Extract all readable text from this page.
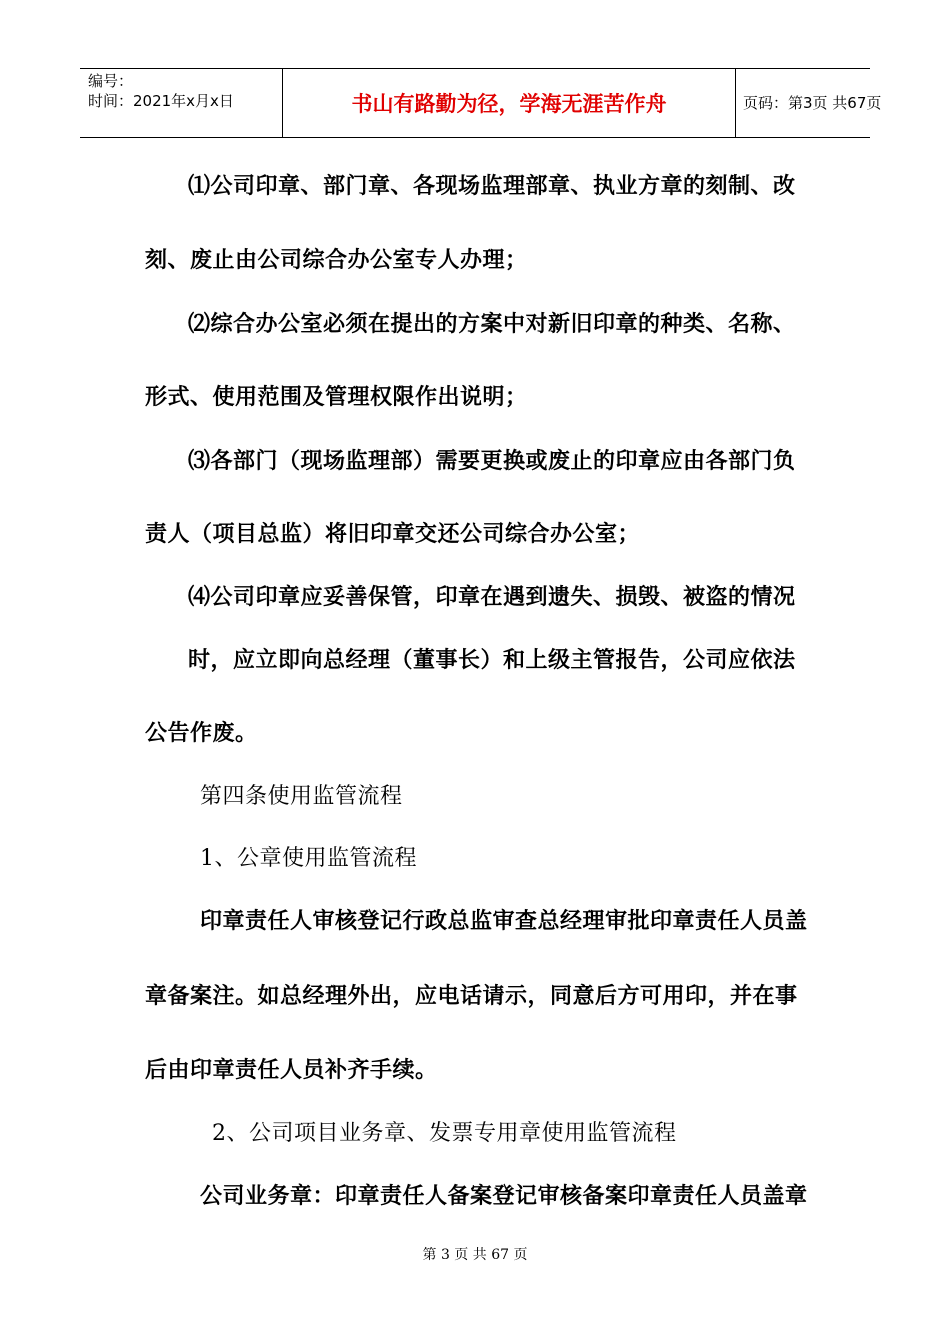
编号：
时间：2021年x月x日	书山有路勤为径，学海无涯苦作舟	页码：第3页 共67页
⑴公司印章、部门章、各现场监理部章、执业方章的刻制、改
刻、废止由公司综合办公室专人办理；
⑵综合办公室必须在提出的方案中对新旧印章的种类、名称、
形式、使用范围及管理权限作出说明；
⑶各部门（现场监理部）需要更换或废止的印章应由各部门负
责人（项目总监）将旧印章交还公司综合办公室；
⑷公司印章应妥善保管，印章在遇到遗失、损毁、被盗的情况
时，应立即向总经理（董事长）和上级主管报告，公司应依法
公告作废。
第四条使用监管流程
1、公章使用监管流程
印章责任人审核登记行政总监审查总经理审批印章责任人员盖
章备案注。如总经理外出，应电话请示，同意后方可用印，并在事
后由印章责任人员补齐手续。
2、公司项目业务章、发票专用章使用监管流程
公司业务章：印章责任人备案登记审核备案印章责任人员盖章
第 3 页 共 67 页
